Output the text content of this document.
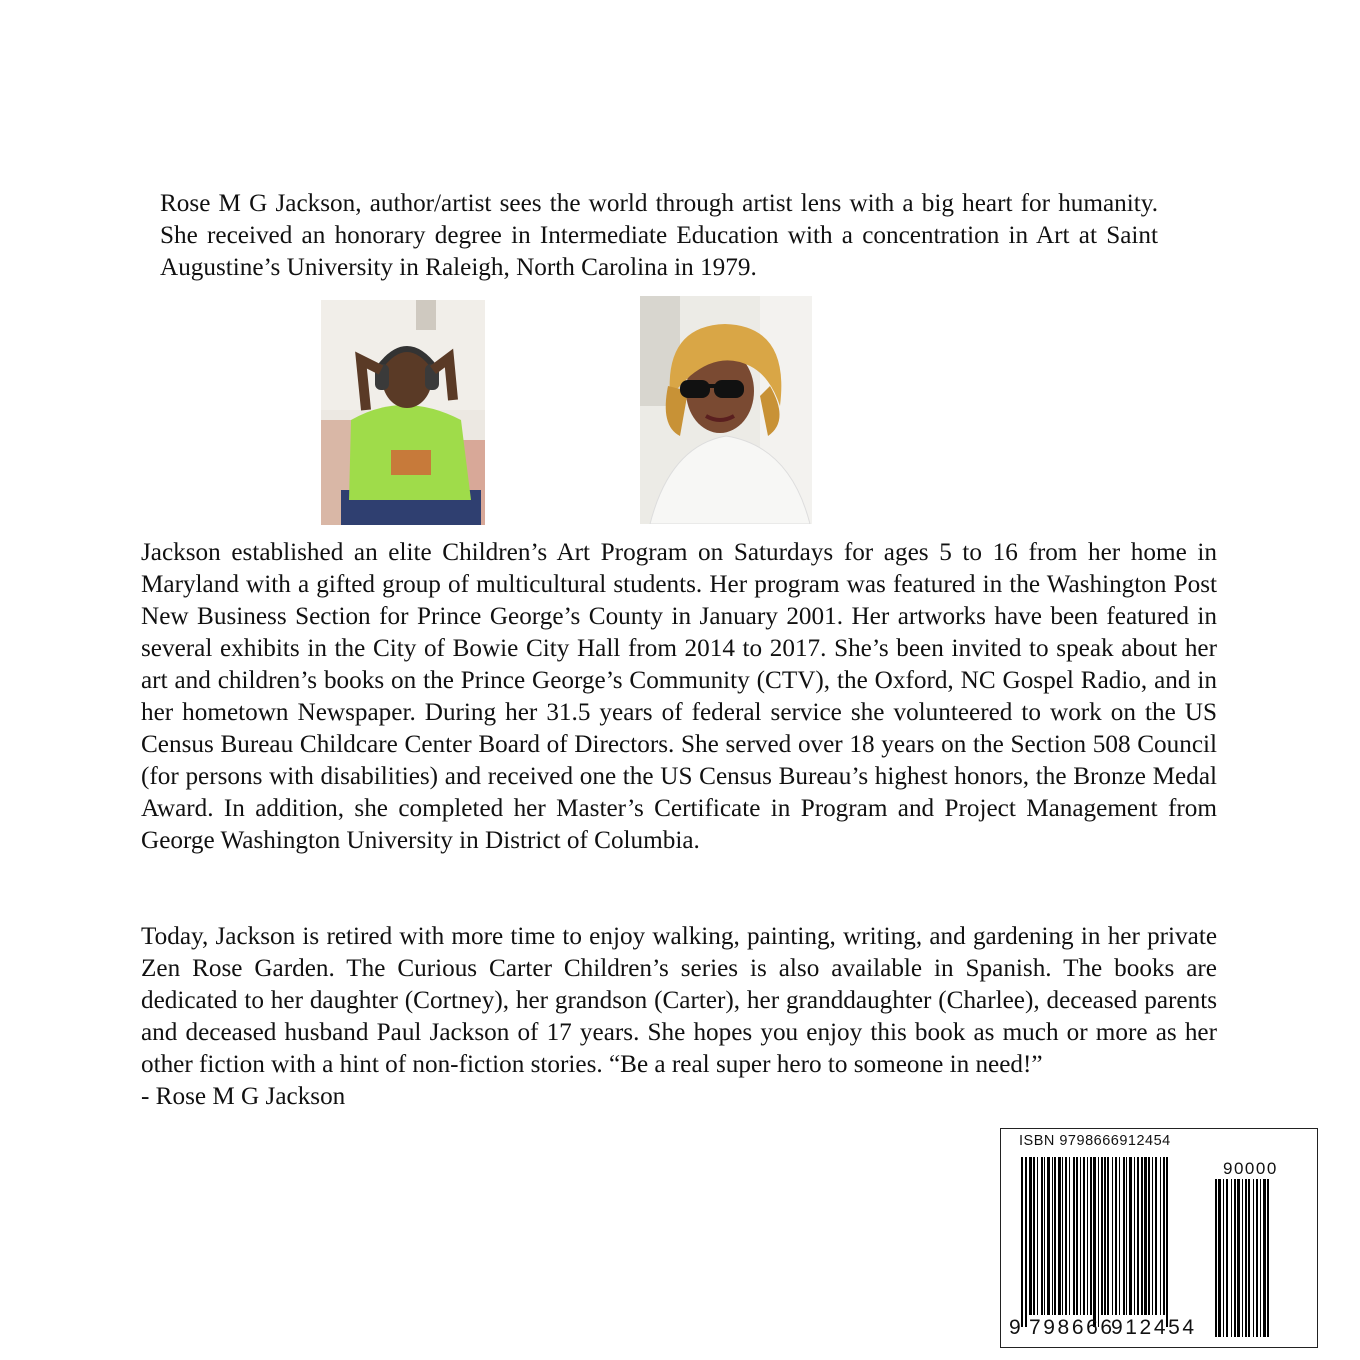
Rose M G Jackson, author/artist sees the world through artist lens with a big heart for humanity. She received an honorary degree in Intermediate Education with a concentration in Art at Saint Augustine’s University in Raleigh, North Carolina in 1979.

Jackson established an elite Children’s Art Program on Saturdays for ages 5 to 16 from her home in Maryland with a gifted group of multicultural students. Her program was featured in the Washington Post New Business Section for Prince George’s County in January 2001. Her artworks have been featured in several exhibits in the City of Bowie City Hall from 2014 to 2017. She’s been invited to speak about her art and children’s books on the Prince George’s Community (CTV), the Oxford, NC Gospel Radio, and in her hometown Newspaper. During her 31.5 years of federal service she volunteered to work on the US Census Bureau Childcare Center Board of Directors. She served over 18 years on the Section 508 Council (for persons with disabilities) and received one the US Census Bureau’s highest honors, the Bronze Medal Award. In addition, she completed her Master’s Certificate in Program and Project Management from George Washington University in District of Columbia.

Today, Jackson is retired with more time to enjoy walking, painting, writing, and gardening in her private Zen Rose Garden. The Curious Carter Children’s series is also available in Spanish. The books are dedicated to her daughter (Cortney), her grandson (Carter), her granddaughter (Charlee), deceased parents and deceased husband Paul Jackson of 17 years. She hopes you enjoy this book as much or more as her other fiction with a hint of non-fiction stories. “Be a real super hero to someone in need!”
- Rose M G Jackson

ISBN 9798666912454
90000
9 798666
912454
